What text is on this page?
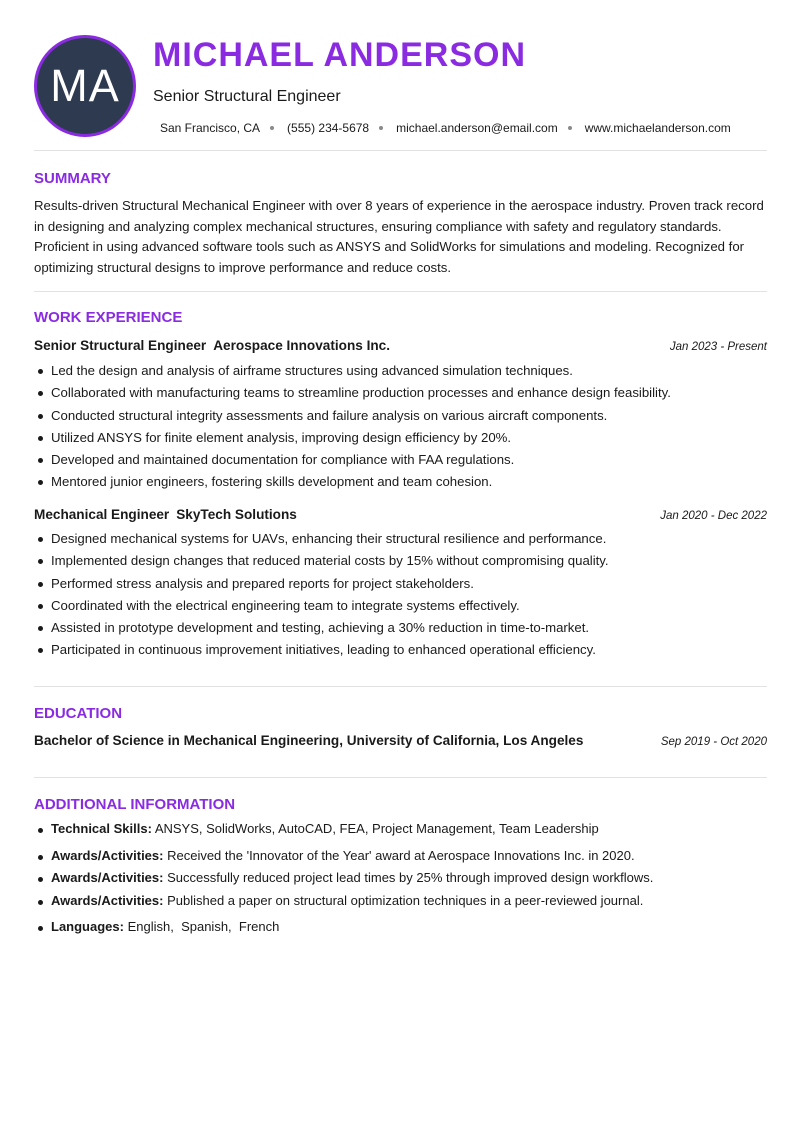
MA
MICHAEL ANDERSON
Senior Structural Engineer
San Francisco, CA (555) 234-5678 michael.anderson@email.com www.michaelanderson.com
SUMMARY
Results-driven Structural Mechanical Engineer with over 8 years of experience in the aerospace industry. Proven track record in designing and analyzing complex mechanical structures, ensuring compliance with safety and regulatory standards. Proficient in using advanced software tools such as ANSYS and SolidWorks for simulations and modeling. Recognized for optimizing structural designs to improve performance and reduce costs.
WORK EXPERIENCE
Senior Structural Engineer Aerospace Innovations Inc.	Jan 2023 - Present
Led the design and analysis of airframe structures using advanced simulation techniques.
Collaborated with manufacturing teams to streamline production processes and enhance design feasibility.
Conducted structural integrity assessments and failure analysis on various aircraft components.
Utilized ANSYS for finite element analysis, improving design efficiency by 20%.
Developed and maintained documentation for compliance with FAA regulations.
Mentored junior engineers, fostering skills development and team cohesion.
Mechanical Engineer SkyTech Solutions	Jan 2020 - Dec 2022
Designed mechanical systems for UAVs, enhancing their structural resilience and performance.
Implemented design changes that reduced material costs by 15% without compromising quality.
Performed stress analysis and prepared reports for project stakeholders.
Coordinated with the electrical engineering team to integrate systems effectively.
Assisted in prototype development and testing, achieving a 30% reduction in time-to-market.
Participated in continuous improvement initiatives, leading to enhanced operational efficiency.
EDUCATION
Bachelor of Science in Mechanical Engineering, University of California, Los Angeles	Sep 2019 - Oct 2020
ADDITIONAL INFORMATION
Technical Skills: ANSYS, SolidWorks, AutoCAD, FEA, Project Management, Team Leadership
Awards/Activities: Received the 'Innovator of the Year' award at Aerospace Innovations Inc. in 2020.
Awards/Activities: Successfully reduced project lead times by 25% through improved design workflows.
Awards/Activities: Published a paper on structural optimization techniques in a peer-reviewed journal.
Languages: English,  Spanish,  French
